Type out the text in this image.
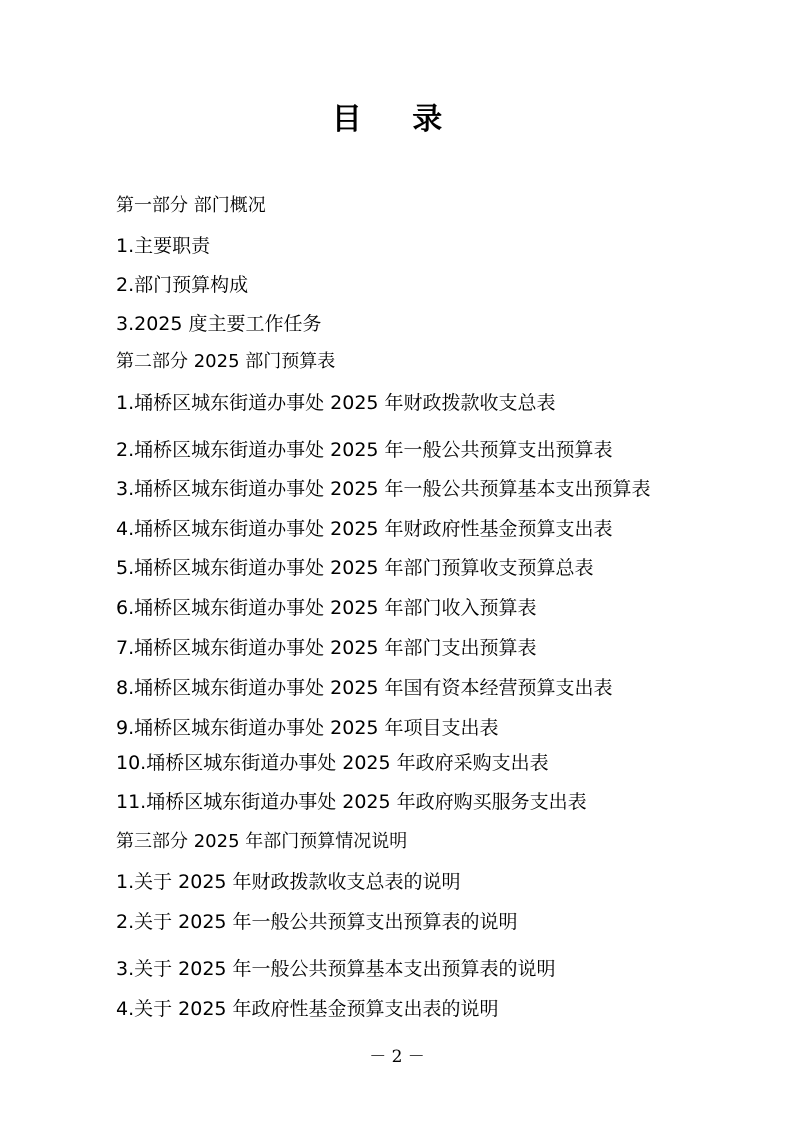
目 录
第一部分 部门概况
1.主要职责
2.部门预算构成
3.2025 度主要工作任务
第二部分 2025 部门预算表
1.埇桥区城东街道办事处 2025 年财政拨款收支总表
2.埇桥区城东街道办事处 2025 年一般公共预算支出预算表
3.埇桥区城东街道办事处 2025 年一般公共预算基本支出预算表
4.埇桥区城东街道办事处 2025 年财政府性基金预算支出表
5.埇桥区城东街道办事处 2025 年部门预算收支预算总表
6.埇桥区城东街道办事处 2025 年部门收入预算表
7.埇桥区城东街道办事处 2025 年部门支出预算表
8.埇桥区城东街道办事处 2025 年国有资本经营预算支出表
9.埇桥区城东街道办事处 2025 年项目支出表
10.埇桥区城东街道办事处 2025 年政府采购支出表
11.埇桥区城东街道办事处 2025 年政府购买服务支出表
第三部分 2025 年部门预算情况说明
1.关于 2025 年财政拨款收支总表的说明
2.关于 2025 年一般公共预算支出预算表的说明
3.关于 2025 年一般公共预算基本支出预算表的说明
4.关于 2025 年政府性基金预算支出表的说明
－ 2 －
